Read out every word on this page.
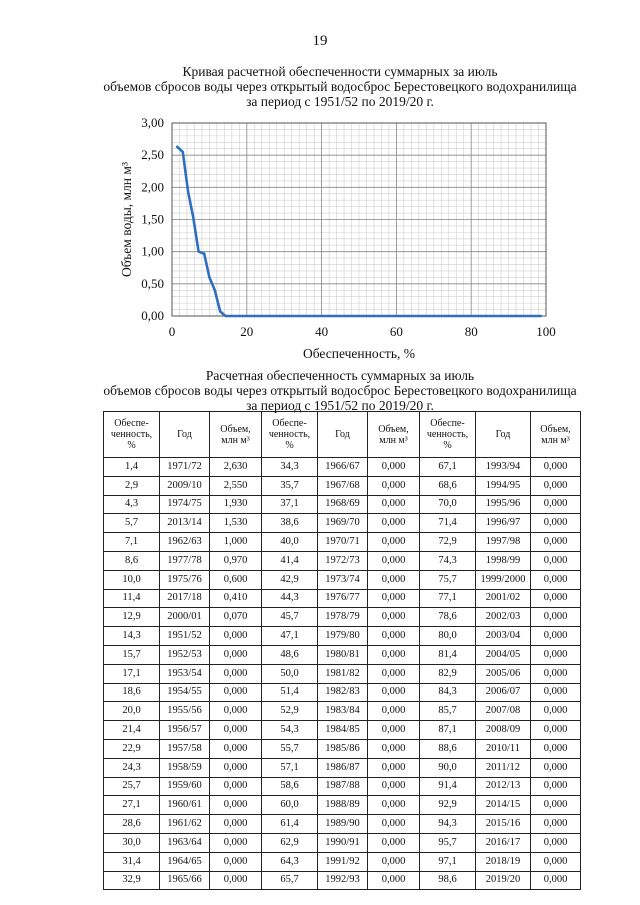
19
Кривая расчетной обеспеченности суммарных за июль
объемов сбросов воды через открытый водосброс Берестовецкого водохранилища
за период с 1951/52 по 2019/20 г.
0,00
0,50
1,00
1,50
2,00
2,50
3,00
0	20	40	60	80	100
Обеспеченность, %
Объем воды, млн м³
Расчетная обеспеченность суммарных за июль
объемов сбросов воды через открытый водосброс Берестовецкого водохранилища
за период с 1951/52 по 2019/20 г.
Обеспе-
ченность,
%	Год	Объем,
млн м³	Обеспе-
ченность,
%	Год	Объем,
млн м³	Обеспе-
ченность,
%	Год	Объем,
млн м³

1,4	1971/72	2,630	34,3	1966/67	0,000	67,1	1993/94	0,000
2,9	2009/10	2,550	35,7	1967/68	0,000	68,6	1994/95	0,000
4,3	1974/75	1,930	37,1	1968/69	0,000	70,0	1995/96	0,000
5,7	2013/14	1,530	38,6	1969/70	0,000	71,4	1996/97	0,000
7,1	1962/63	1,000	40,0	1970/71	0,000	72,9	1997/98	0,000
8,6	1977/78	0,970	41,4	1972/73	0,000	74,3	1998/99	0,000
10,0	1975/76	0,600	42,9	1973/74	0,000	75,7	1999/2000	0,000
11,4	2017/18	0,410	44,3	1976/77	0,000	77,1	2001/02	0,000
12,9	2000/01	0,070	45,7	1978/79	0,000	78,6	2002/03	0,000
14,3	1951/52	0,000	47,1	1979/80	0,000	80,0	2003/04	0,000
15,7	1952/53	0,000	48,6	1980/81	0,000	81,4	2004/05	0,000
17,1	1953/54	0,000	50,0	1981/82	0,000	82,9	2005/06	0,000
18,6	1954/55	0,000	51,4	1982/83	0,000	84,3	2006/07	0,000
20,0	1955/56	0,000	52,9	1983/84	0,000	85,7	2007/08	0,000
21,4	1956/57	0,000	54,3	1984/85	0,000	87,1	2008/09	0,000
22,9	1957/58	0,000	55,7	1985/86	0,000	88,6	2010/11	0,000
24,3	1958/59	0,000	57,1	1986/87	0,000	90,0	2011/12	0,000
25,7	1959/60	0,000	58,6	1987/88	0,000	91,4	2012/13	0,000
27,1	1960/61	0,000	60,0	1988/89	0,000	92,9	2014/15	0,000
28,6	1961/62	0,000	61,4	1989/90	0,000	94,3	2015/16	0,000
30,0	1963/64	0,000	62,9	1990/91	0,000	95,7	2016/17	0,000
31,4	1964/65	0,000	64,3	1991/92	0,000	97,1	2018/19	0,000
32,9	1965/66	0,000	65,7	1992/93	0,000	98,6	2019/20	0,000
